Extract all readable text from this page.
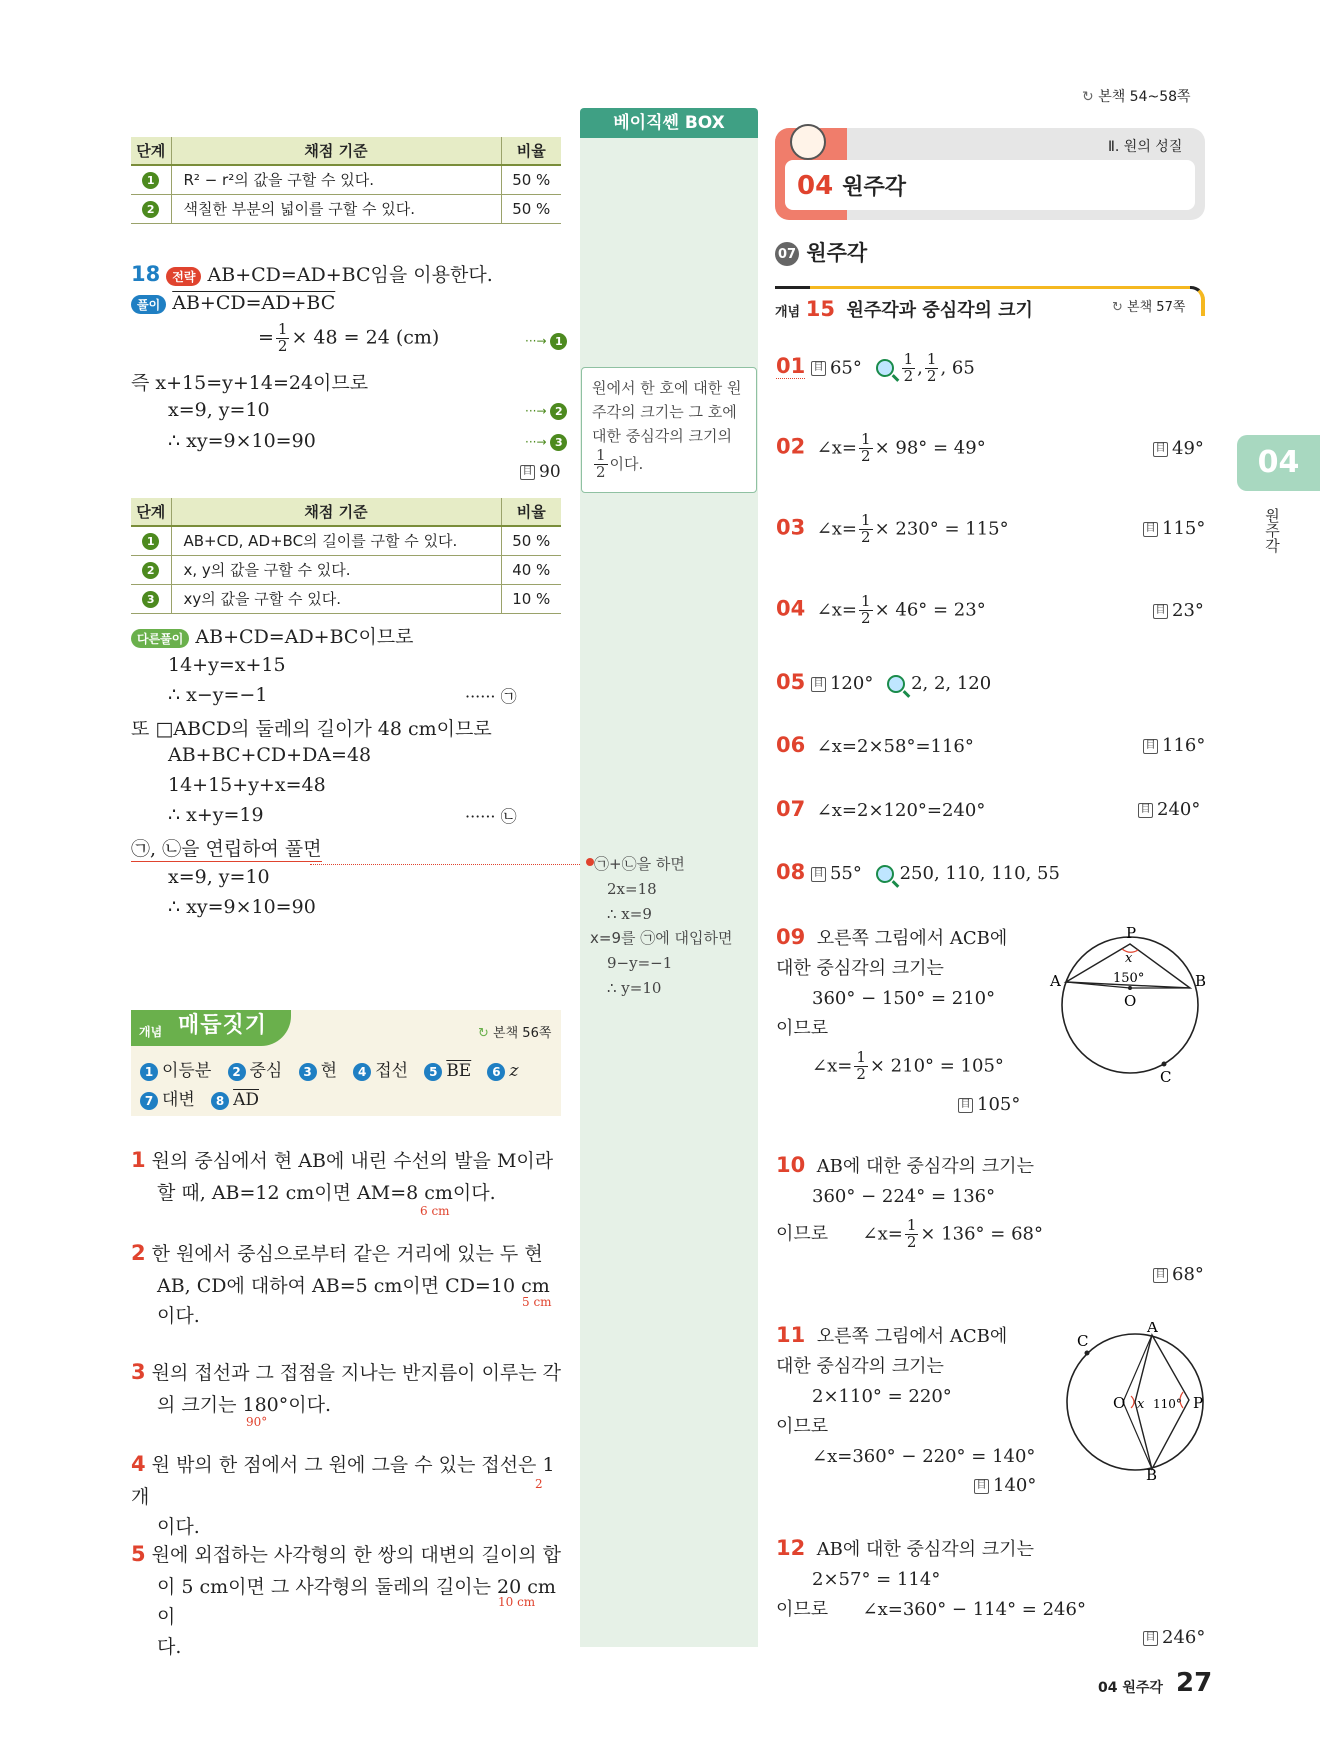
단계	채점 기준	비율
1	R² − r²의 값을 구할 수 있다.	50 %
2	색칠한 부분의 넓이를 구할 수 있다.	50 %
18 전략 AB+CD=AD+BC임을 이용한다.
풀이 AB+CD=AD+BC
= $\frac{1}{2} \times 48 = 24$ (cm)	···→ 1
즉 x+15=y+14=24이므로
x=9, y=10	···→ 2
∴ xy=9×10=90	···→ 3
目 90
단계	채점 기준	비율
1	AB+CD, AD+BC의 길이를 구할 수 있다.	50 %
2	x, y의 값을 구할 수 있다.	40 %
3	xy의 값을 구할 수 있다.	10 %
다른풀이 AB+CD=AD+BC이므로
14+y=x+15
∴ x−y=−1	······ ㉠
또 □ABCD의 둘레의 길이가 48 cm이므로
AB+BC+CD+DA=48
14+15+y+x=48
∴ x+y=19	······ ㉡
㉠, ㉡을 연립하여 풀면
x=9, y=10
∴ xy=9×10=90
개념 매듭짓기	↻ 본책 56쪽
1 이등분 2 중심 3 현 4 접선 5 $\overline{BE}$ 6 z
7 대변 8 $\overline{AD}$
1 원의 중심에서 현 AB에 내린 수선의 발을 M이라
할 때, AB=12 cm이면 AM=8 cm이다.
6 cm
2 한 원에서 중심으로부터 같은 거리에 있는 두 현
AB, CD에 대하여 AB=5 cm이면 CD=10 cm
이다.
5 cm
3 원의 접선과 그 접점을 지나는 반지름이 이루는 각
의 크기는 180°이다.
90°
4 원 밖의 한 점에서 그 원에 그을 수 있는 접선은 1개
이다.
2
5 원에 외접하는 사각형의 한 쌍의 대변의 길이의 합
이 5 cm이면 그 사각형의 둘레의 길이는 20 cm이
다.
10 cm
베이직쎈 BOX
원에서 한 호에 대한 원
주각의 크기는 그 호에
대한 중심각의 크기의
$\frac{1}{2}$ 이다.
㉠+㉡을 하면
2x=18
∴ x=9
x=9를 ㉠에 대입하면
9−y=−1
∴ y=10
↻ 본책 54~58쪽
Ⅱ. 원의 성질
04 원주각
07 원주각
개념 15 원주각과 중심각의 크기	↻ 본책 57쪽
04
원주각
01 目 65°	$\frac{1}{2}$ , $\frac{1}{2}$ , 65
02 ∠x= $\frac{1}{2} \times 98^\circ = 49^\circ$	目 49°
03 ∠x= $\frac{1}{2} \times 230^\circ = 115^\circ$	目 115°
04 ∠x= $\frac{1}{2} \times 46^\circ = 23^\circ$	目 23°
05 目 120° 2, 2, 120
06 ∠x=2×58°=116°	目 116°
07 ∠x=2×120°=240°	目 240°
08 目 55° 250, 110, 110, 55
09 오른쪽 그림에서 ACB에
대한 중심각의 크기는
360° − 150° = 210°
이므로
∠x= $\frac{1}{2} \times 210^\circ = 105^\circ$
目 105°
P
x
A	B
150°
O
C
10 AB에 대한 중심각의 크기는
360° − 224° = 136°
이므로 ∠x= $\frac{1}{2} \times 136^\circ = 68^\circ$
目 68°
11 오른쪽 그림에서 ACB에
대한 중심각의 크기는
2×110° = 220°
이므로
∠x=360° − 220° = 140°
目 140°
C
A
O x 110° P
B
12 AB에 대한 중심각의 크기는
2×57° = 114°
이므로 ∠x=360° − 114° = 246°
目 246°
04 원주각 27
